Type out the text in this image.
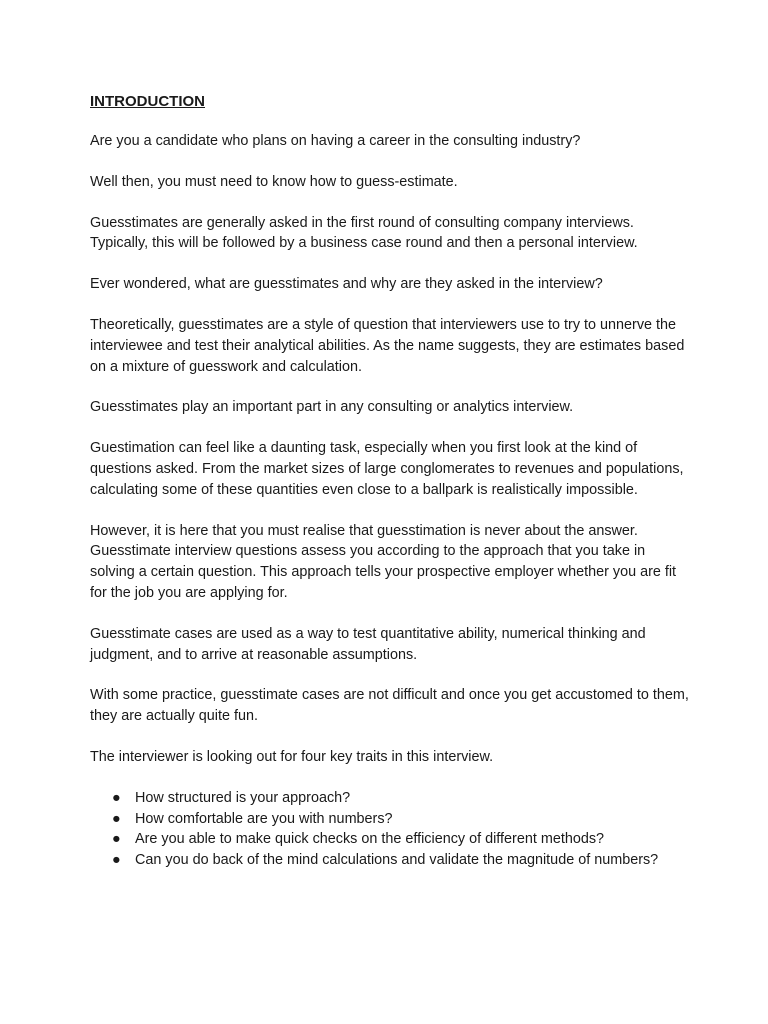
INTRODUCTION

Are you a candidate who plans on having a career in the consulting industry?

Well then, you must need to know how to guess-estimate.

Guesstimates are generally asked in the first round of consulting company interviews. Typically, this will be followed by a business case round and then a personal interview.

Ever wondered, what are guesstimates and why are they asked in the interview?

Theoretically, guesstimates are a style of question that interviewers use to try to unnerve the interviewee and test their analytical abilities. As the name suggests, they are estimates based on a mixture of guesswork and calculation.

Guesstimates play an important part in any consulting or analytics interview.

Guestimation can feel like a daunting task, especially when you first look at the kind of questions asked. From the market sizes of large conglomerates to revenues and populations, calculating some of these quantities even close to a ballpark is realistically impossible.

However, it is here that you must realise that guesstimation is never about the answer. Guesstimate interview questions assess you according to the approach that you take in solving a certain question. This approach tells your prospective employer whether you are fit for the job you are applying for.

Guesstimate cases are used as a way to test quantitative ability, numerical thinking and judgment, and to arrive at reasonable assumptions.

With some practice, guesstimate cases are not difficult and once you get accustomed to them, they are actually quite fun.

The interviewer is looking out for four key traits in this interview.

● How structured is your approach?
● How comfortable are you with numbers?
● Are you able to make quick checks on the efficiency of different methods?
● Can you do back of the mind calculations and validate the magnitude of numbers?
